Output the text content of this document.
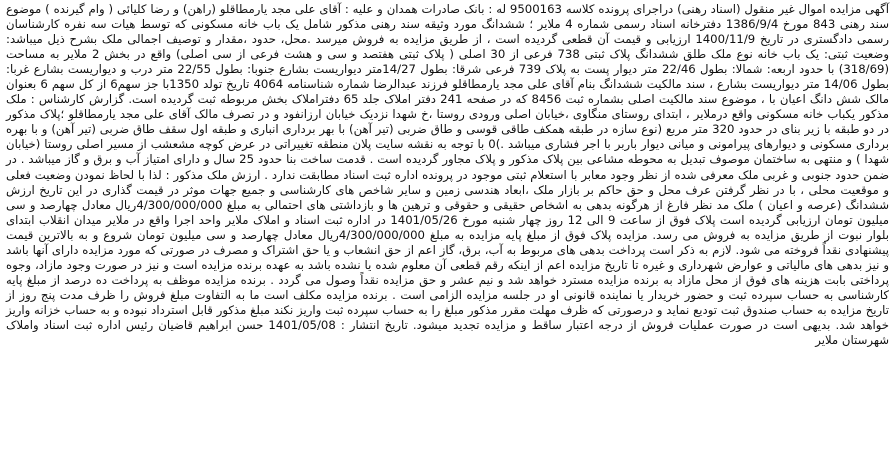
آگهی مزایده اموال غیر منقول (اسناد رهنی) دراجرای پرونده کلاسه 9500163 له : بانک صادرات همدان و علیه : آقای علی مجد یارمطاقلو (راهن) و رضا کلیائی ( وام گیرنده ) موضوع سند رهنی 843 مورخ 1386/9/4 دفترخانه اسناد رسمی شماره 4 ملایر ؛ ششدانگ مورد وثیقه سند رهنی مذکور شامل یک باب خانه مسکونی که توسط هیات سه نفره کارشناسان رسمی دادگستری در تاریخ 1400/11/9 ارزیابی و قیمت آن قطعی گردیده است ، از طریق مزایده به فروش میرسد .محل، حدود ،مقدار و توصیف اجمالی ملک بشرح ذیل میباشد: وضعیت ثبتی: یک باب خانه نوع ملک طلق ششدانگ پلاک ثبتی 738 فرعی از 30 اصلی ( پلاک ثبتی هفتصد و سی و هشت فرعی از سی اصلی) واقع در بخش 2 ملایر به مساحت (318/69) با حدود اربعه: شمالا: بطول 22/46 متر دیوار پست به پلاک 739 فرعی شرقا: بطول 14/27متر دیواریست بشارع جنوبا: بطول 22/55 متر درب و دیواریست بشارع غربا: بطول 14/06 متر دیواریست بشارع ، سند مالکیت ششدانگ بنام آقای علی مجد یارمطاقلو فرزند عبدالرضا شماره شناسنامه 4064 تاریخ تولد 1350با جز سهم6 از کل سهم 6 بعنوان مالک شش دانگ اعیان با ، موضوع سند مالکیت اصلی بشماره ثبت 8456 که در صفحه 241 دفتر املاک جلد 65 دفتراملاک بخش مربوطه ثبت گردیده است. گزارش کارشناس : ملک مذکور یکباب خانه مسکونی واقع درملایر ، ابتدای روستای منگاوی ،خیابان اصلی ورودی روستا ،خ شهدا نزدیک خیابان ارزانفود و در تصرف مالک آقای علی مجد یارمطاقلو ؛پلاک مذکور در دو طبقه با زیر بنای در حدود 320 متر مربع (نوع سازه در طبقه همکف طاقی قوسی و طاق ضربی (تیر آهن) با بهر برداری انباری و طبقه اول سقف طاق ضربی (تیر آهن) و با بهره برداری مسکونی و دیوارهای پیرامونی و میانی دیوار باربر با اجر فشاری میباشد .)0 با توجه به نقشه سایت پلان منطقه تغییراتی در عرض کوچه مشعشب از مسیر اصلی روستا (خیابان شهدا ) و منتهی به ساختمان موصوف تبدیل به محوطه مشاعی بین پلاک مذکور و پلاک مجاور گردیده است . قدمت ساخت بنا حدود 25 سال و دارای امتیاز آب و برق و گاز میباشد . در ضمن حدود جنوبی و غربی ملک معرفی شده از نظر وجود معابر با استعلام ثبتی موجود در پرونده اداره ثبت اسناد مطابقت ندارد . ارزش ملک مذکور : لذا با لحاظ نمودن وضعیت فعلی و موقعیت محلی ، با در نظر گرفتن عرف محل و حق حاکم بر بازار ملک ،ابعاد هندسی زمین و سایر شاخص های کارشناسی و جمیع جهات موثر در قیمت گذاری در این تاریخ ارزش ششدانگ (عرصه و اعیان ) ملک مد نظر فارغ از هرگونه بدهی به اشخاص حقیقی و حقوقی و ترهین ها و بازداشتی های احتمالی به مبلغ 4/300/000/000ریال معادل چهارصد و سی میلیون تومان ارزیابی گردیده است پلاک فوق از ساعت 9 الی 12 روز چهار شنبه مورخ 1401/05/26 در اداره ثبت اسناد و املاک ملایر واحد اجرا واقع در ملایر میدان انقلاب ابتدای بلوار نبوت از طریق مزایده به فروش می رسد. مزایده پلاک فوق از مبلغ پایه مزایده به مبلغ 4/300/000/000ریال معادل چهارصد و سی میلیون تومان شروع و به بالاترین قیمت پیشنهادی نقداً فروخته می شود. لازم به ذکر است پرداخت بدهی های مربوط به آب، برق، گاز اعم از حق انشعاب و یا حق اشتراک و مصرف در صورتی که مورد مزایده دارای آنها باشد و نیز بدهی های مالیاتی و عوارض شهرداری و غیره تا تاریخ مزایده اعم از اینکه رقم قطعی آن معلوم شده یا نشده باشد به عهده برنده مزایده است و نیز در صورت وجود مازاد، وجوه پرداختی بابت هزینه های فوق از محل مازاد به برنده مزایده مسترد خواهد شد و نیم عشر و حق مزایده نقداً وصول می گردد . برنده مزایده موظف به پرداخت ده درصد از مبلغ پایه کارشناسی به حساب سپرده ثبت و حضور خریدار یا نماینده قانونی او در جلسه مزایده الزامی است . برنده مزایده مکلف است ما به التفاوت مبلغ فروش را ظرف مدت پنج روز از تاریخ مزایده به حساب صندوق ثبت تودیع نماید و درصورتی که ظرف مهلت مقرر مذکور مبلغ را به حساب سپرده ثبت واریز نکند مبلغ مذکور قابل استرداد نبوده و به حساب خزانه واریز خواهد شد. بدیهی است در صورت عملیات فروش از درجه اعتبار ساقط و مزایده تجدید میشود. تاریخ انتشار : 1401/05/08 حسن ابراهیم قاضیان رئیس اداره ثبت اسناد واملاک شهرستان ملایر
